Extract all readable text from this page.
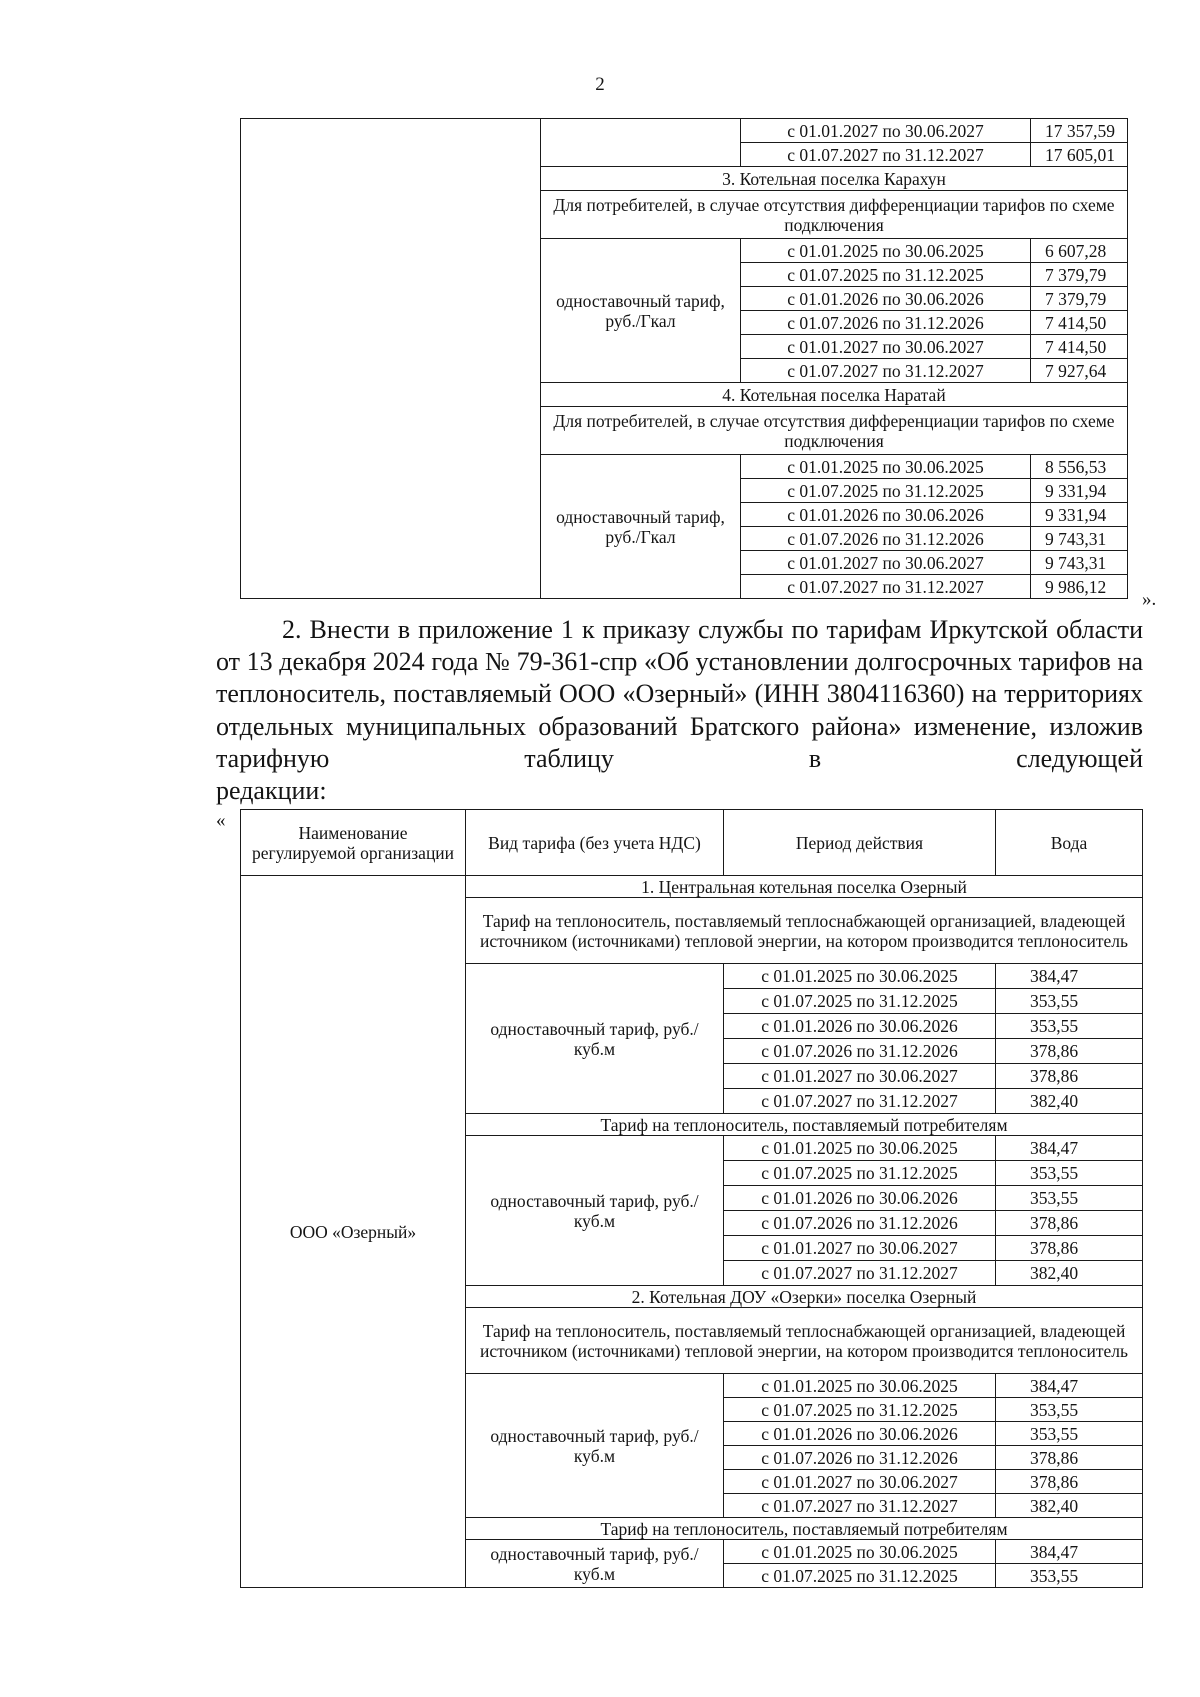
2
		с 01.01.2027 по 30.06.2027	17 357,59
		с 01.07.2027 по 31.12.2027	17 605,01
	3. Котельная поселка Карахун		
	Для потребителей, в случае отсутствия дифференциации тарифов по схеме подключения		
	одноставочный тариф, руб./Гкал	с 01.01.2025 по 30.06.2025	6 607,28
		с 01.07.2025 по 31.12.2025	7 379,79
		с 01.01.2026 по 30.06.2026	7 379,79
		с 01.07.2026 по 31.12.2026	7 414,50
		с 01.01.2027 по 30.06.2027	7 414,50
		с 01.07.2027 по 31.12.2027	7 927,64
	4. Котельная поселка Наратай		
	Для потребителей, в случае отсутствия дифференциации тарифов по схеме подключения		
	одноставочный тариф, руб./Гкал	с 01.01.2025 по 30.06.2025	8 556,53
		с 01.07.2025 по 31.12.2025	9 331,94
		с 01.01.2026 по 30.06.2026	9 331,94
		с 01.07.2026 по 31.12.2026	9 743,31
		с 01.01.2027 по 30.06.2027	9 743,31
		с 01.07.2027 по 31.12.2027	9 986,12
».
2. Внести в приложение 1 к приказу службы по тарифам Иркутской области от 13 декабря 2024 года № 79-361-спр «Об установлении долгосрочных тарифов на теплоноситель, поставляемый ООО «Озерный» (ИНН 3804116360) на территориях отдельных муниципальных образований Братского района» изменение, изложив тарифную таблицу в следующей
редакции:
«
Наименование регулируемой организации	Вид тарифа (без учета НДС)	Период действия	Вода
ООО «Озерный»	1. Центральная котельная поселка Озерный		
	Тариф на теплоноситель, поставляемый теплоснабжающей организацией, владеющей источником (источниками) тепловой энергии, на котором производится теплоноситель		
	одноставочный тариф, руб./куб.м	с 01.01.2025 по 30.06.2025	384,47
		с 01.07.2025 по 31.12.2025	353,55
		с 01.01.2026 по 30.06.2026	353,55
		с 01.07.2026 по 31.12.2026	378,86
		с 01.01.2027 по 30.06.2027	378,86
		с 01.07.2027 по 31.12.2027	382,40
	Тариф на теплоноситель, поставляемый потребителям		
	одноставочный тариф, руб./куб.м	с 01.01.2025 по 30.06.2025	384,47
		с 01.07.2025 по 31.12.2025	353,55
		с 01.01.2026 по 30.06.2026	353,55
		с 01.07.2026 по 31.12.2026	378,86
		с 01.01.2027 по 30.06.2027	378,86
		с 01.07.2027 по 31.12.2027	382,40
	2. Котельная ДОУ «Озерки» поселка Озерный		
	Тариф на теплоноситель, поставляемый теплоснабжающей организацией, владеющей источником (источниками) тепловой энергии, на котором производится теплоноситель		
	одноставочный тариф, руб./куб.м	с 01.01.2025 по 30.06.2025	384,47
		с 01.07.2025 по 31.12.2025	353,55
		с 01.01.2026 по 30.06.2026	353,55
		с 01.07.2026 по 31.12.2026	378,86
		с 01.01.2027 по 30.06.2027	378,86
		с 01.07.2027 по 31.12.2027	382,40
	Тариф на теплоноситель, поставляемый потребителям		
	одноставочный тариф, руб./куб.м	с 01.01.2025 по 30.06.2025	384,47
		с 01.07.2025 по 31.12.2025	353,55
